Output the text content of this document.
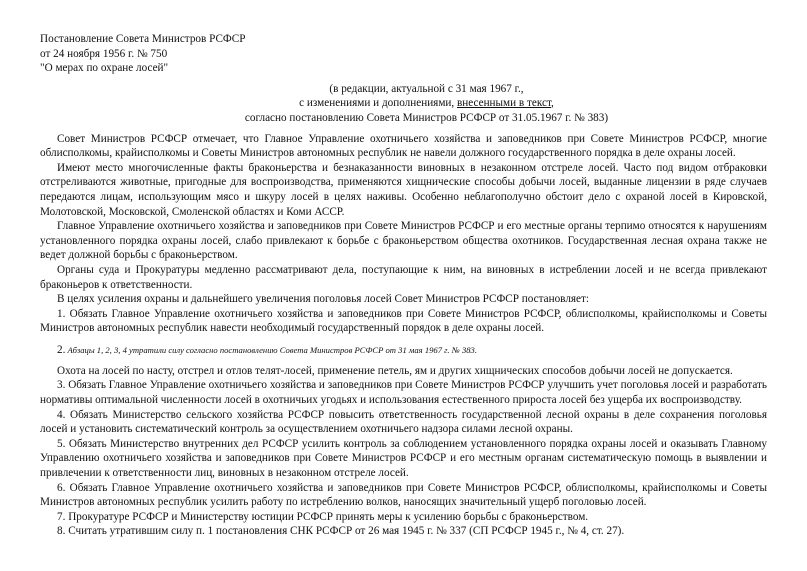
Постановление Совета Министров РСФСР
от 24 ноября 1956 г. № 750
"О мерах по охране лосей"
(в редакции, актуальной с 31 мая 1967 г.,
с изменениями и дополнениями, внесенными в текст,
согласно постановлению Совета Министров РСФСР от 31.05.1967 г. № 383)
Совет Министров РСФСР отмечает, что Главное Управление охотничьего хозяйства и заповедников при Совете Министров РСФСР, многие облисполкомы, крайисполкомы и Советы Министров автономных республик не навели должного государственного порядка в деле охраны лосей.
Имеют место многочисленные факты браконьерства и безнаказанности виновных в незаконном отстреле лосей. Часто под видом отбраковки отстреливаются животные, пригодные для воспроизводства, применяются хищнические способы добычи лосей, выданные лицензии в ряде случаев передаются лицам, использующим мясо и шкуру лосей в целях наживы. Особенно неблагополучно обстоит дело с охраной лосей в Кировской, Молотовской, Московской, Смоленской областях и Коми АССР.
Главное Управление охотничьего хозяйства и заповедников при Совете Министров РСФСР и его местные органы терпимо относятся к нарушениям установленного порядка охраны лосей, слабо привлекают к борьбе с браконьерством общества охотников. Государственная лесная охрана также не ведет должной борьбы с браконьерством.
Органы суда и Прокуратуры медленно рассматривают дела, поступающие к ним, на виновных в истреблении лосей и не всегда привлекают браконьеров к ответственности.
В целях усиления охраны и дальнейшего увеличения поголовья лосей Совет Министров РСФСР постановляет:
1. Обязать Главное Управление охотничьего хозяйства и заповедников при Совете Министров РСФСР, облисполкомы, крайисполкомы и Советы Министров автономных республик навести необходимый государственный порядок в деле охраны лосей.
2. Абзацы 1, 2, 3, 4 утратили силу согласно постановлению Совета Министров РСФСР от 31 мая 1967 г. № 383.
Охота на лосей по насту, отстрел и отлов телят-лосей, применение петель, ям и других хищнических способов добычи лосей не допускается.
3. Обязать Главное Управление охотничьего хозяйства и заповедников при Совете Министров РСФСР улучшить учет поголовья лосей и разработать нормативы оптимальной численности лосей в охотничьих угодьях и использования естественного прироста лосей без ущерба их воспроизводству.
4. Обязать Министерство сельского хозяйства РСФСР повысить ответственность государственной лесной охраны в деле сохранения поголовья лосей и установить систематический контроль за осуществлением охотничьего надзора силами лесной охраны.
5. Обязать Министерство внутренних дел РСФСР усилить контроль за соблюдением установленного порядка охраны лосей и оказывать Главному Управлению охотничьего хозяйства и заповедников при Совете Министров РСФСР и его местным органам систематическую помощь в выявлении и привлечении к ответственности лиц, виновных в незаконном отстреле лосей.
6. Обязать Главное Управление охотничьего хозяйства и заповедников при Совете Министров РСФСР, облисполкомы, крайисполкомы и Советы Министров автономных республик усилить работу по истреблению волков, наносящих значительный ущерб поголовью лосей.
7. Прокуратуре РСФСР и Министерству юстиции РСФСР принять меры к усилению борьбы с браконьерством.
8. Считать утратившим силу п. 1 постановления СНК РСФСР от 26 мая 1945 г. № 337 (СП РСФСР 1945 г., № 4, ст. 27).
